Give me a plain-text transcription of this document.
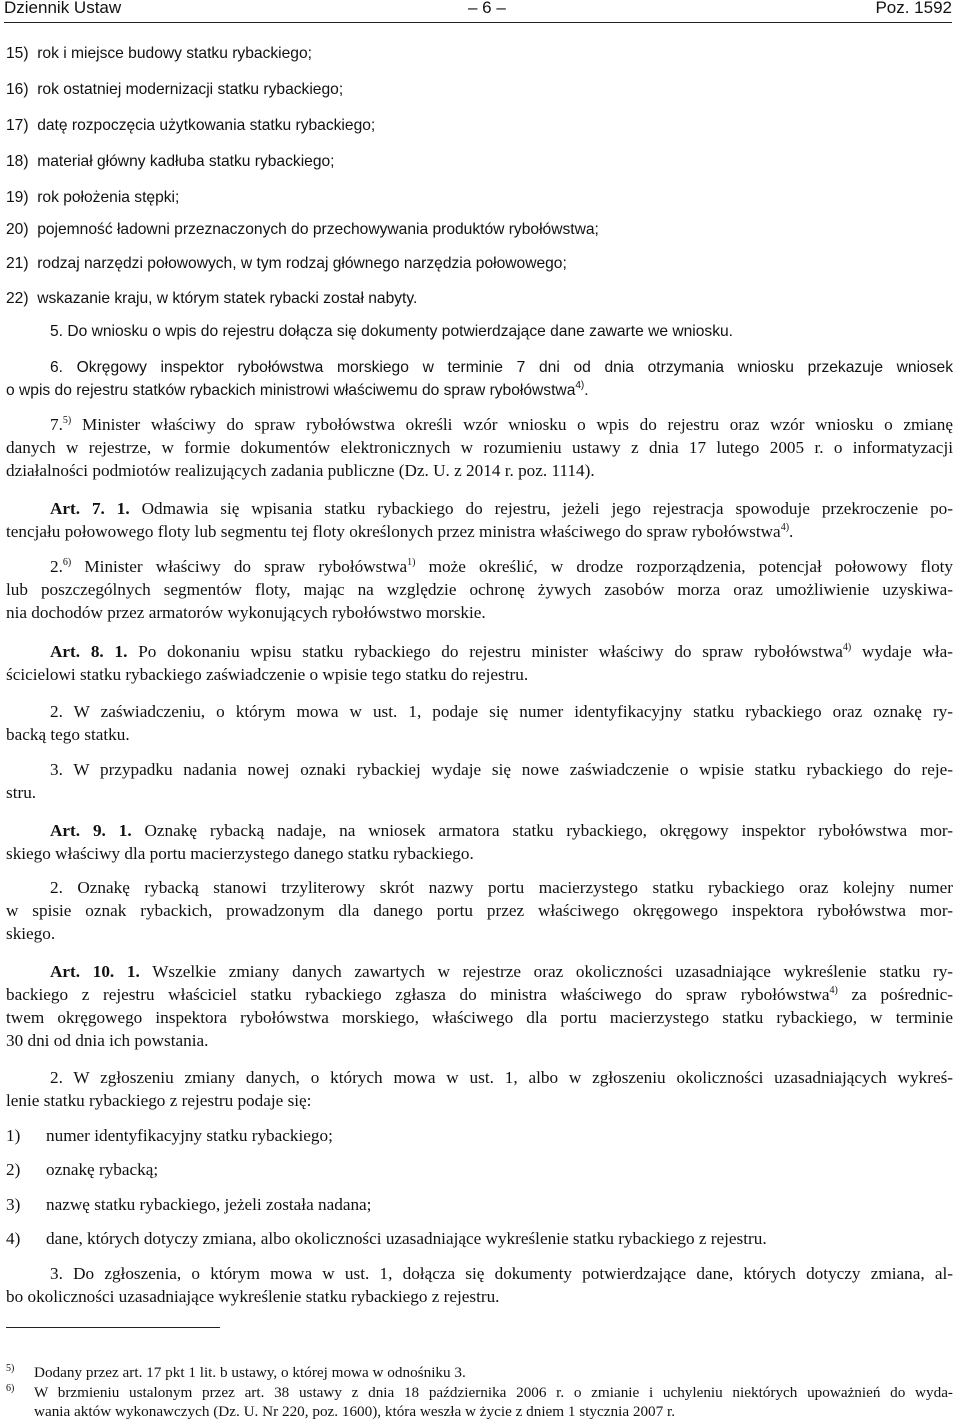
Dziennik Ustaw	– 6 –	Poz. 1592
15)  rok i miejsce budowy statku rybackiego;
16)  rok ostatniej modernizacji statku rybackiego;
17)  datę rozpoczęcia użytkowania statku rybackiego;
18)  materiał główny kadłuba statku rybackiego;
19)  rok położenia stępki;
20)  pojemność ładowni przeznaczonych do przechowywania produktów rybołówstwa;
21)  rodzaj narzędzi połowowych, w tym rodzaj głównego narzędzia połowowego;
22)  wskazanie kraju, w którym statek rybacki został nabyty.
5. Do wniosku o wpis do rejestru dołącza się dokumenty potwierdzające dane zawarte we wniosku.
6. Okręgowy inspektor rybołówstwa morskiego w terminie 7 dni od dnia otrzymania wniosku przekazuje wniosek
o wpis do rejestru statków rybackich ministrowi właściwemu do spraw rybołówstwa$^{4)}$.
7.$^{5)}$ Minister właściwy do spraw rybołówstwa określi wzór wniosku o wpis do rejestru oraz wzór wniosku o zmianę
danych w rejestrze, w formie dokumentów elektronicznych w rozumieniu ustawy z dnia 17 lutego 2005 r. o informatyzacji
działalności podmiotów realizujących zadania publiczne (Dz. U. z 2014 r. poz. 1114).
Art. 7. 1. Odmawia się wpisania statku rybackiego do rejestru, jeżeli jego rejestracja spowoduje przekroczenie po-
tencjału połowowego floty lub segmentu tej floty określonych przez ministra właściwego do spraw rybołówstwa$^{4)}$.
2.$^{6)}$ Minister właściwy do spraw rybołówstwa$^{1)}$ może określić, w drodze rozporządzenia, potencjał połowowy floty
lub poszczególnych segmentów floty, mając na względzie ochronę żywych zasobów morza oraz umożliwienie uzyskiwa-
nia dochodów przez armatorów wykonujących rybołówstwo morskie.
Art. 8. 1. Po dokonaniu wpisu statku rybackiego do rejestru minister właściwy do spraw rybołówstwa$^{4)}$ wydaje wła-
ścicielowi statku rybackiego zaświadczenie o wpisie tego statku do rejestru.
2. W zaświadczeniu, o którym mowa w ust. 1, podaje się numer identyfikacyjny statku rybackiego oraz oznakę ry-
backą tego statku.
3. W przypadku nadania nowej oznaki rybackiej wydaje się nowe zaświadczenie o wpisie statku rybackiego do reje-
stru.
Art. 9. 1. Oznakę rybacką nadaje, na wniosek armatora statku rybackiego, okręgowy inspektor rybołówstwa mor-
skiego właściwy dla portu macierzystego danego statku rybackiego.
2. Oznakę rybacką stanowi trzyliterowy skrót nazwy portu macierzystego statku rybackiego oraz kolejny numer
w spisie oznak rybackich, prowadzonym dla danego portu przez właściwego okręgowego inspektora rybołówstwa mor-
skiego.
Art. 10. 1. Wszelkie zmiany danych zawartych w rejestrze oraz okoliczności uzasadniające wykreślenie statku ry-
backiego z rejestru właściciel statku rybackiego zgłasza do ministra właściwego do spraw rybołówstwa$^{4)}$ za pośrednic-
twem okręgowego inspektora rybołówstwa morskiego, właściwego dla portu macierzystego statku rybackiego, w terminie
30 dni od dnia ich powstania.
2. W zgłoszeniu zmiany danych, o których mowa w ust. 1, albo w zgłoszeniu okoliczności uzasadniających wykreś-
lenie statku rybackiego z rejestru podaje się:
1) numer identyfikacyjny statku rybackiego;
2) oznakę rybacką;
3) nazwę statku rybackiego, jeżeli została nadana;
4) dane, których dotyczy zmiana, albo okoliczności uzasadniające wykreślenie statku rybackiego z rejestru.
3. Do zgłoszenia, o którym mowa w ust. 1, dołącza się dokumenty potwierdzające dane, których dotyczy zmiana, al-
bo okoliczności uzasadniające wykreślenie statku rybackiego z rejestru.
5) Dodany przez art. 17 pkt 1 lit. b ustawy, o której mowa w odnośniku 3.
6) W brzmieniu ustalonym przez art. 38 ustawy z dnia 18 października 2006 r. o zmianie i uchyleniu niektórych upoważnień do wyda-
wania aktów wykonawczych (Dz. U. Nr 220, poz. 1600), która weszła w życie z dniem 1 stycznia 2007 r.
